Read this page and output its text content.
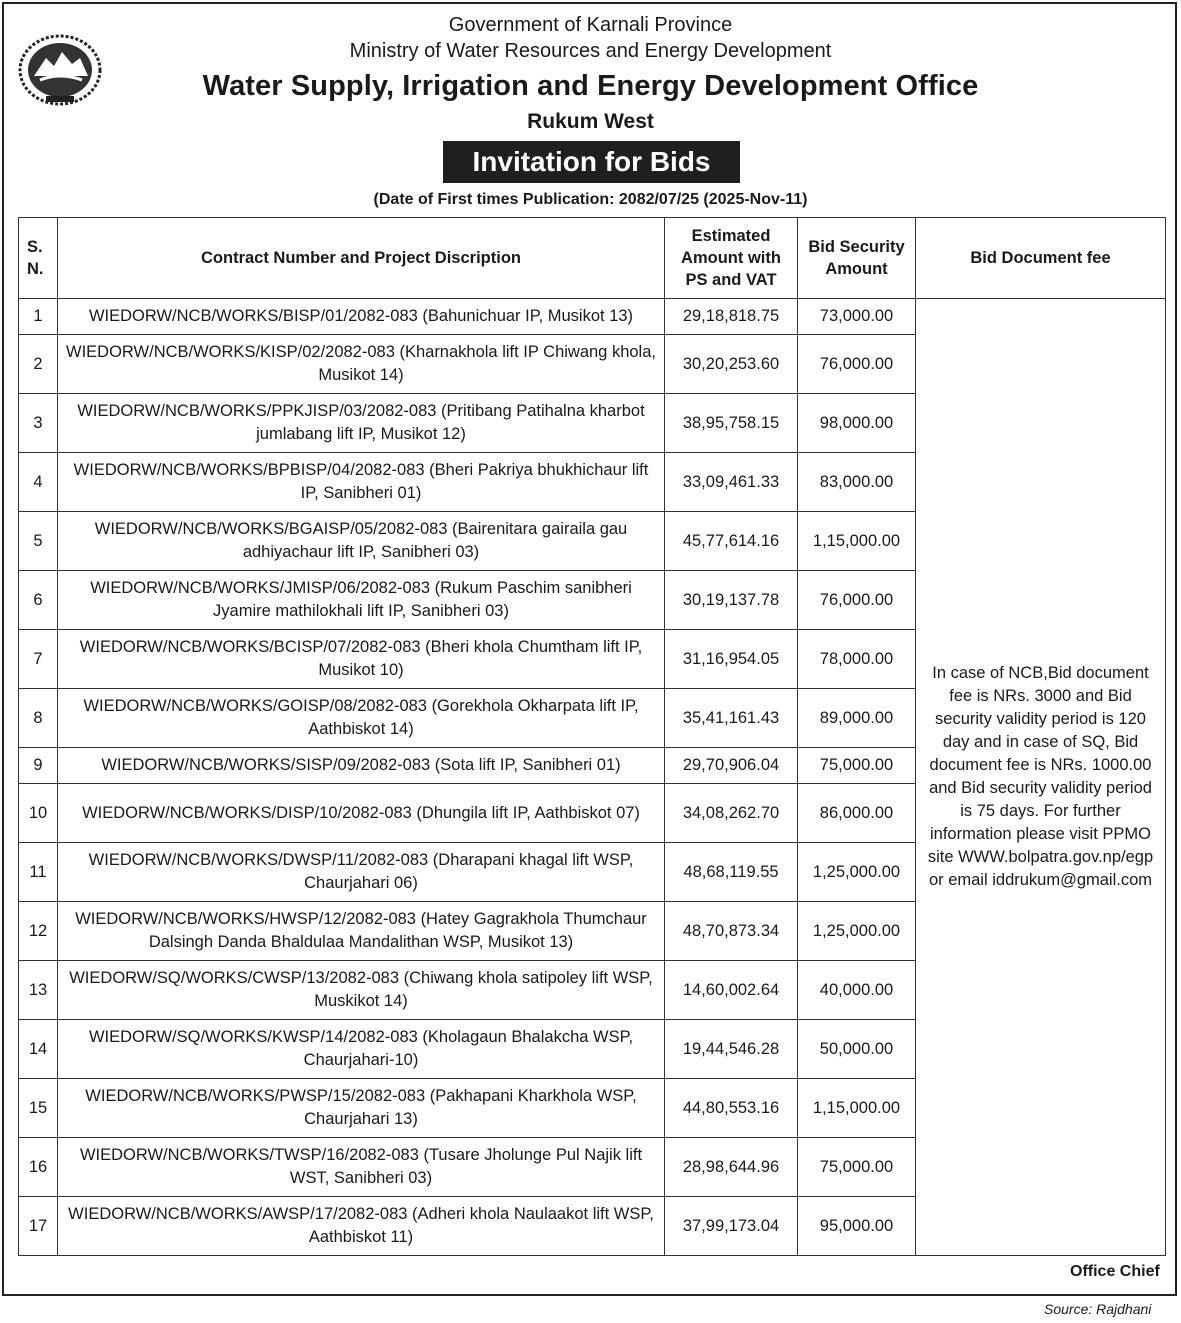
Government of Karnali Province
Ministry of Water Resources and Energy Development
Water Supply, Irrigation and Energy Development Office
Rukum West
Invitation for Bids
(Date of First times Publication: 2082/07/25 (2025-Nov-11)
S. N.	Contract Number and Project Discription	Estimated Amount with PS and VAT	Bid Security Amount	Bid Document fee
1	WIEDORW/NCB/WORKS/BISP/01/2082-083 (Bahunichuar IP, Musikot 13)	29,18,818.75	73,000.00	In case of NCB,Bid document fee is NRs. 3000 and Bid security validity period is 120 day and in case of SQ, Bid document fee is NRs. 1000.00 and Bid security validity period is 75 days. For further information please visit PPMO site WWW.bolpatra.gov.np/egp or email iddrukum@gmail.com
2	WIEDORW/NCB/WORKS/KISP/02/2082-083 (Kharnakhola lift IP Chiwang khola, Musikot 14)	30,20,253.60	76,000.00	
3	WIEDORW/NCB/WORKS/PPKJISP/03/2082-083 (Pritibang Patihalna kharbot jumlabang lift IP, Musikot 12)	38,95,758.15	98,000.00	
4	WIEDORW/NCB/WORKS/BPBISP/04/2082-083 (Bheri Pakriya bhukhichaur lift IP, Sanibheri 01)	33,09,461.33	83,000.00	
5	WIEDORW/NCB/WORKS/BGAISP/05/2082-083 (Bairenitara gairaila gau adhiyachaur lift IP, Sanibheri 03)	45,77,614.16	1,15,000.00	
6	WIEDORW/NCB/WORKS/JMISP/06/2082-083 (Rukum Paschim sanibheri Jyamire mathilokhali lift IP, Sanibheri 03)	30,19,137.78	76,000.00	
7	WIEDORW/NCB/WORKS/BCISP/07/2082-083 (Bheri khola Chumtham lift IP, Musikot 10)	31,16,954.05	78,000.00	
8	WIEDORW/NCB/WORKS/GOISP/08/2082-083 (Gorekhola Okharpata lift IP, Aathbiskot 14)	35,41,161.43	89,000.00	
9	WIEDORW/NCB/WORKS/SISP/09/2082-083 (Sota lift IP, Sanibheri 01)	29,70,906.04	75,000.00	
10	WIEDORW/NCB/WORKS/DISP/10/2082-083 (Dhungila lift IP, Aathbiskot 07)	34,08,262.70	86,000.00	
11	WIEDORW/NCB/WORKS/DWSP/11/2082-083 (Dharapani khagal lift WSP, Chaurjahari 06)	48,68,119.55	1,25,000.00	
12	WIEDORW/NCB/WORKS/HWSP/12/2082-083 (Hatey Gagrakhola Thumchaur Dalsingh Danda Bhaldulaa Mandalithan WSP, Musikot 13)	48,70,873.34	1,25,000.00	
13	WIEDORW/SQ/WORKS/CWSP/13/2082-083 (Chiwang khola satipoley lift WSP, Muskikot 14)	14,60,002.64	40,000.00	
14	WIEDORW/SQ/WORKS/KWSP/14/2082-083 (Kholagaun Bhalakcha WSP, Chaurjahari-10)	19,44,546.28	50,000.00	
15	WIEDORW/NCB/WORKS/PWSP/15/2082-083 (Pakhapani Kharkhola WSP, Chaurjahari 13)	44,80,553.16	1,15,000.00	
16	WIEDORW/NCB/WORKS/TWSP/16/2082-083 (Tusare Jholunge Pul Najik lift WST, Sanibheri 03)	28,98,644.96	75,000.00	
17	WIEDORW/NCB/WORKS/AWSP/17/2082-083 (Adheri khola Naulaakot lift WSP, Aathbiskot 11)	37,99,173.04	95,000.00	
Office Chief
Source: Rajdhani
